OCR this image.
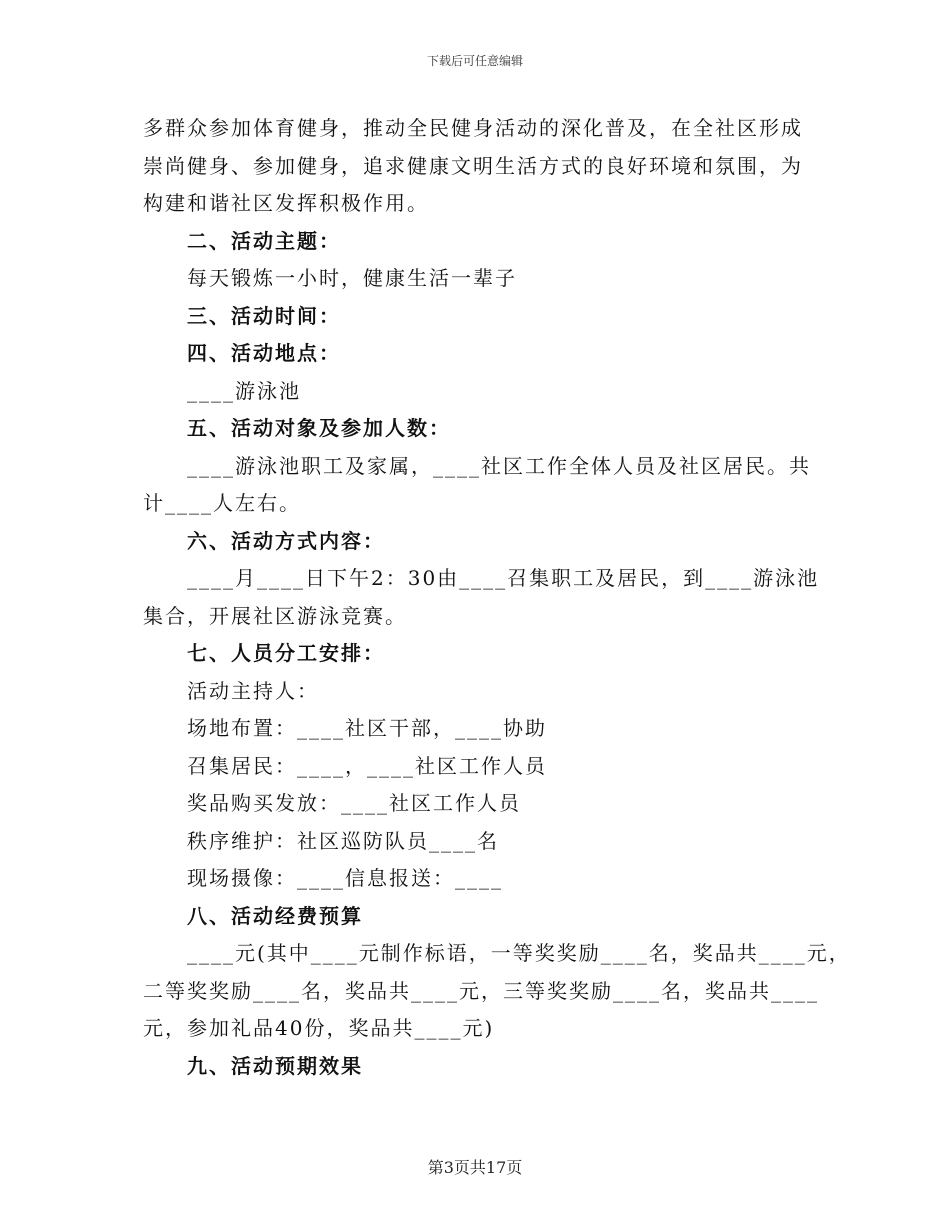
下载后可任意编辑
多群众参加体育健身，推动全民健身活动的深化普及，在全社区形成
崇尚健身、参加健身，追求健康文明生活方式的良好环境和氛围，为
构建和谐社区发挥积极作用。
二、活动主题：
每天锻炼一小时，健康生活一辈子
三、活动时间：
四、活动地点：
____游泳池
五、活动对象及参加人数：
____游泳池职工及家属，____社区工作全体人员及社区居民。共
计____人左右。
六、活动方式内容：
____月____日下午2：30由____召集职工及居民，到____游泳池
集合，开展社区游泳竞赛。
七、人员分工安排：
活动主持人：
场地布置：____社区干部，____协助
召集居民：____，____社区工作人员
奖品购买发放：____社区工作人员
秩序维护：社区巡防队员____名
现场摄像：____信息报送：____
八、活动经费预算
____元(其中____元制作标语，一等奖奖励____名，奖品共____元，
二等奖奖励____名，奖品共____元，三等奖奖励____名，奖品共____
元，参加礼品40份，奖品共____元)
九、活动预期效果
第3页共17页
